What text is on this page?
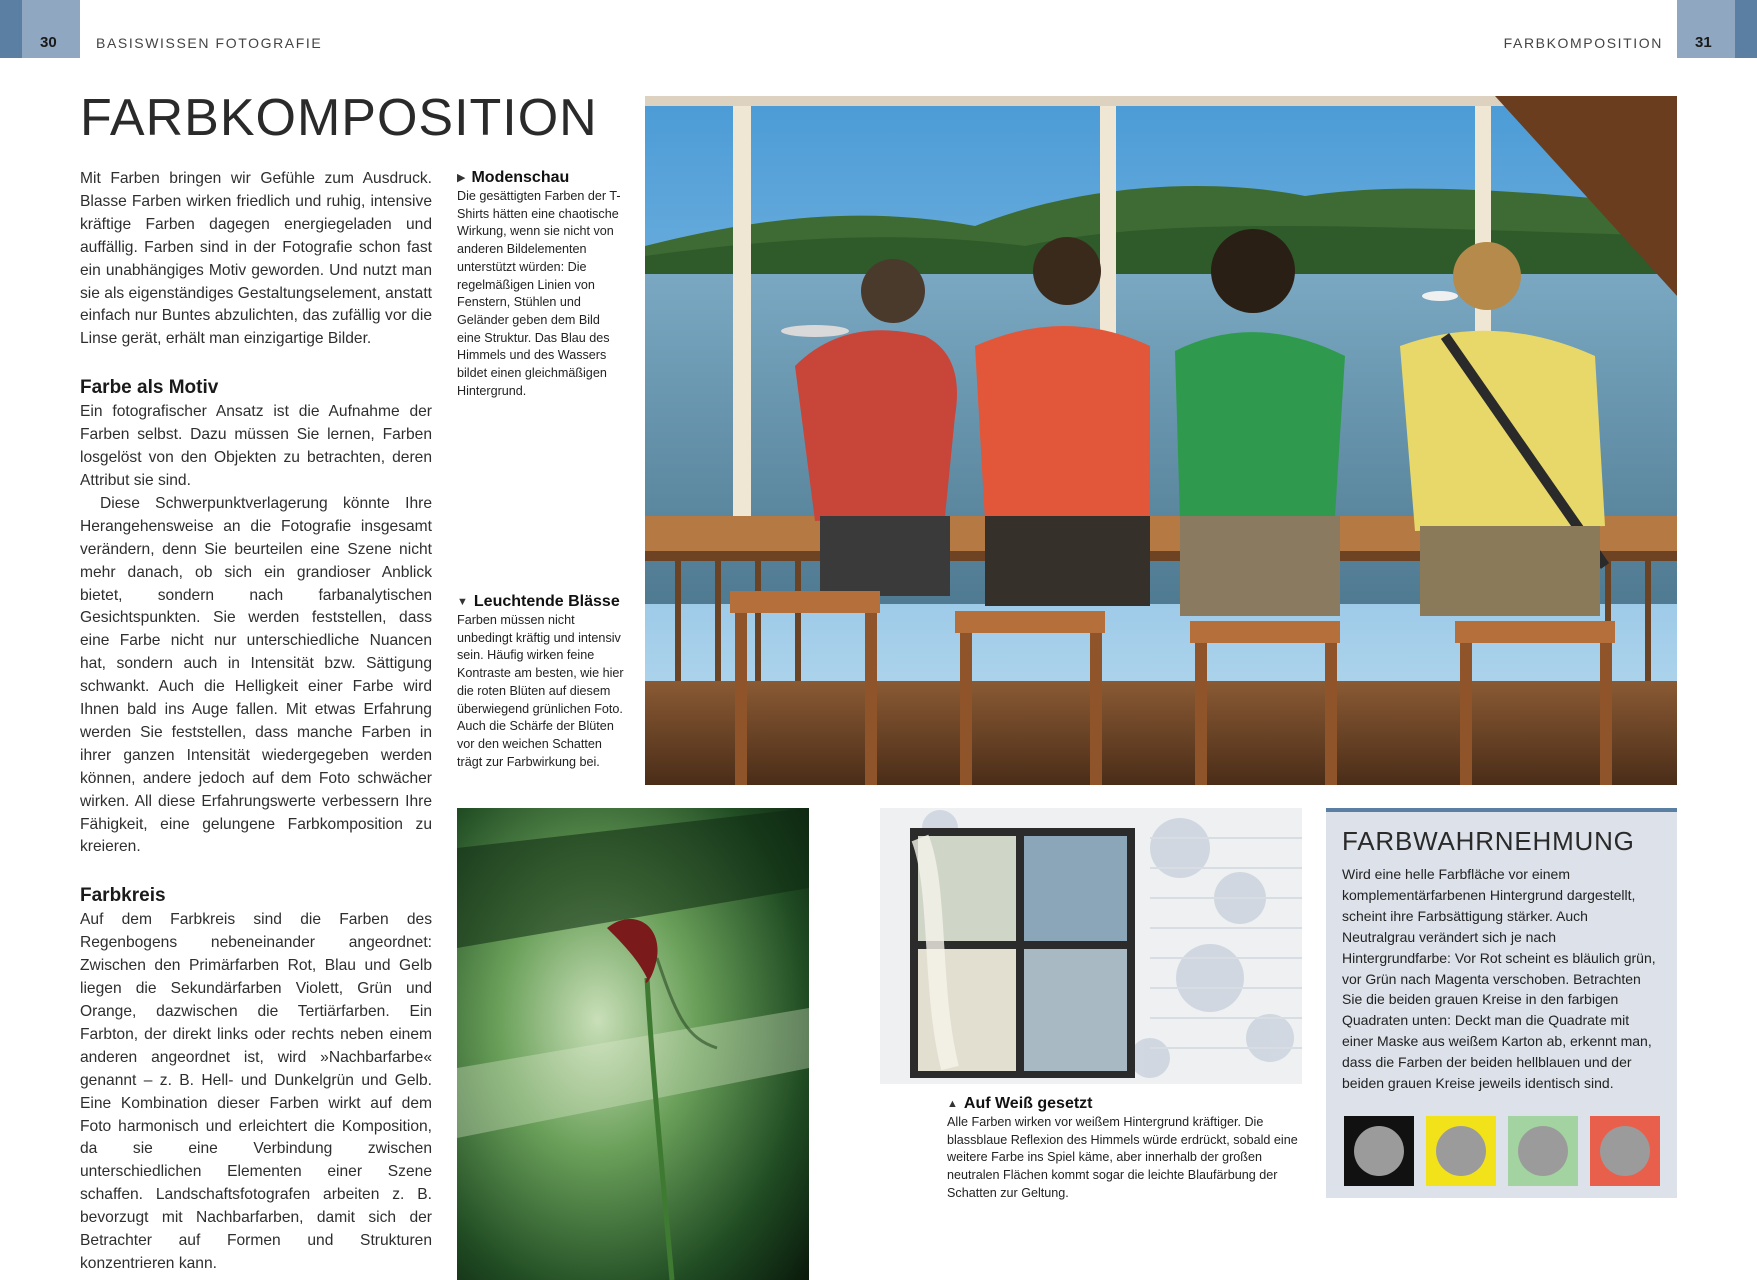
30	BASISWISSEN FOTOGRAFIE	FARBKOMPOSITION 31
FARBKOMPOSITION

Mit Farben bringen wir Gefühle zum Ausdruck. Blasse Farben wirken friedlich und ruhig, intensive kräftige Farben dagegen energiegeladen und auffällig. Farben sind in der Fotografie schon fast ein unabhängiges Motiv geworden. Und nutzt man sie als eigenständiges Gestaltungselement, anstatt einfach nur Buntes abzulichten, das zufällig vor die Linse gerät, erhält man einzigartige Bilder.

Farbe als Motiv

Ein fotografischer Ansatz ist die Aufnahme der Farben selbst. Dazu müssen Sie lernen, Farben losgelöst von den Objekten zu betrachten, deren Attribut sie sind.

Diese Schwerpunktverlagerung könnte Ihre Herangehensweise an die Fotografie insgesamt verändern, denn Sie beurteilen eine Szene nicht mehr danach, ob sich ein grandioser Anblick bietet, sondern nach farbanalytischen Gesichtspunkten. Sie werden feststellen, dass eine Farbe nicht nur unterschiedliche Nuancen hat, sondern auch in Intensität bzw. Sättigung schwankt. Auch die Helligkeit einer Farbe wird Ihnen bald ins Auge fallen. Mit etwas Erfahrung werden Sie feststellen, dass manche Farben in ihrer ganzen Intensität wiedergegeben werden können, andere jedoch auf dem Foto schwächer wirken. All diese Erfahrungswerte verbessern Ihre Fähigkeit, eine gelungene Farbkomposition zu kreieren.

Farbkreis

Auf dem Farbkreis sind die Farben des Regenbogens nebeneinander angeordnet: Zwischen den Primärfarben Rot, Blau und Gelb liegen die Sekundärfarben Violett, Grün und Orange, dazwischen die Tertiärfarben. Ein Farbton, der direkt links oder rechts neben einem anderen angeordnet ist, wird »Nachbarfarbe« genannt – z. B. Hell- und Dunkelgrün und Gelb. Eine Kombination dieser Farben wirkt auf dem Foto harmonisch und erleichtert die Komposition, da sie eine Verbindung zwischen unterschiedlichen Elementen einer Szene schaffen. Landschaftsfotografen arbeiten z. B. bevorzugt mit Nachbarfarben, damit sich der Betrachter auf Formen und Strukturen konzentrieren kann.

▶ Modenschau
Die gesättigten Farben der T-Shirts hätten eine chaotische Wirkung, wenn sie nicht von anderen Bildelementen unterstützt würden: Die regelmäßigen Linien von Fenstern, Stühlen und Geländer geben dem Bild eine Struktur. Das Blau des Himmels und des Wassers bildet einen gleichmäßigen Hintergrund.
▼ Leuchtende Blässe
Farben müssen nicht unbedingt kräftig und intensiv sein. Häufig wirken feine Kontraste am besten, wie hier die roten Blüten auf diesem überwiegend grünlichen Foto. Auch die Schärfe der Blüten vor den weichen Schatten trägt zur Farbwirkung bei.
▲ Auf Weiß gesetzt
Alle Farben wirken vor weißem Hintergrund kräftiger. Die blassblaue Reflexion des Himmels würde erdrückt, sobald eine weitere Farbe ins Spiel käme, aber innerhalb der großen neutralen Flächen kommt sogar die leichte Blaufärbung der Schatten zur Geltung.
FARBWAHRNEHMUNG
Wird eine helle Farbfläche vor einem komplementärfarbenen Hintergrund dargestellt, scheint ihre Farbsättigung stärker. Auch Neutralgrau verändert sich je nach Hintergrundfarbe: Vor Rot scheint es bläulich grün, vor Grün nach Magenta verschoben. Betrachten Sie die beiden grauen Kreise in den farbigen Quadraten unten: Deckt man die Quadrate mit einer Maske aus weißem Karton ab, erkennt man, dass die Farben der beiden hellblauen und der beiden grauen Kreise jeweils identisch sind.
